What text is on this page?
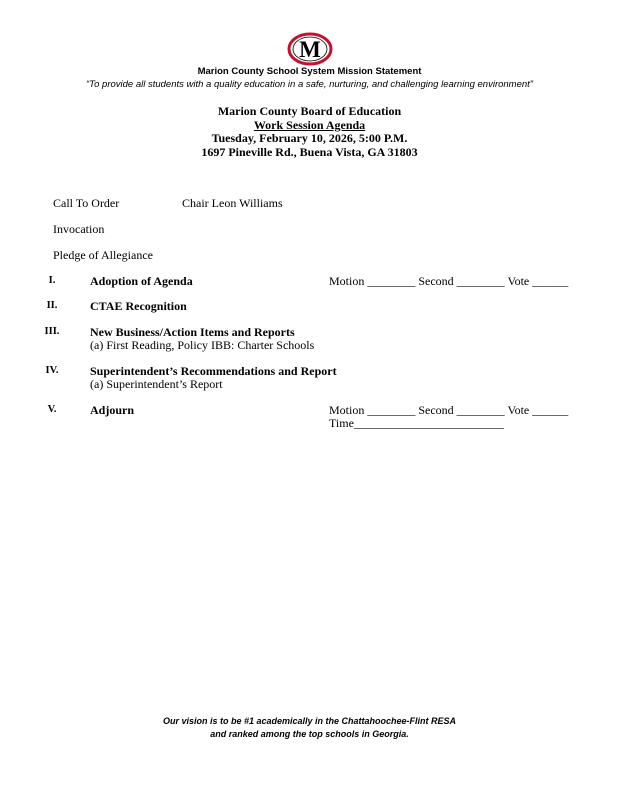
M
Marion County School System Mission Statement
“To provide all students with a quality education in a safe, nurturing, and challenging learning environment”
Marion County Board of Education
Work Session Agenda
Tuesday, February 10, 2026, 5:00 P.M.
1697 Pineville Rd., Buena Vista, GA 31803
Call To Order	Chair Leon Williams
Invocation
Pledge of Allegiance
I.	Adoption of Agenda	Motion ________ Second ________ Vote ______
II.	CTAE Recognition
III.	New Business/Action Items and Reports
(a) First Reading, Policy IBB: Charter Schools
IV.	Superintendent’s Recommendations and Report
(a) Superintendent’s Report
V.	Adjourn	Motion ________ Second ________ Vote ______
Time_________________________
Our vision is to be #1 academically in the Chattahoochee-Flint RESA
and ranked among the top schools in Georgia.
